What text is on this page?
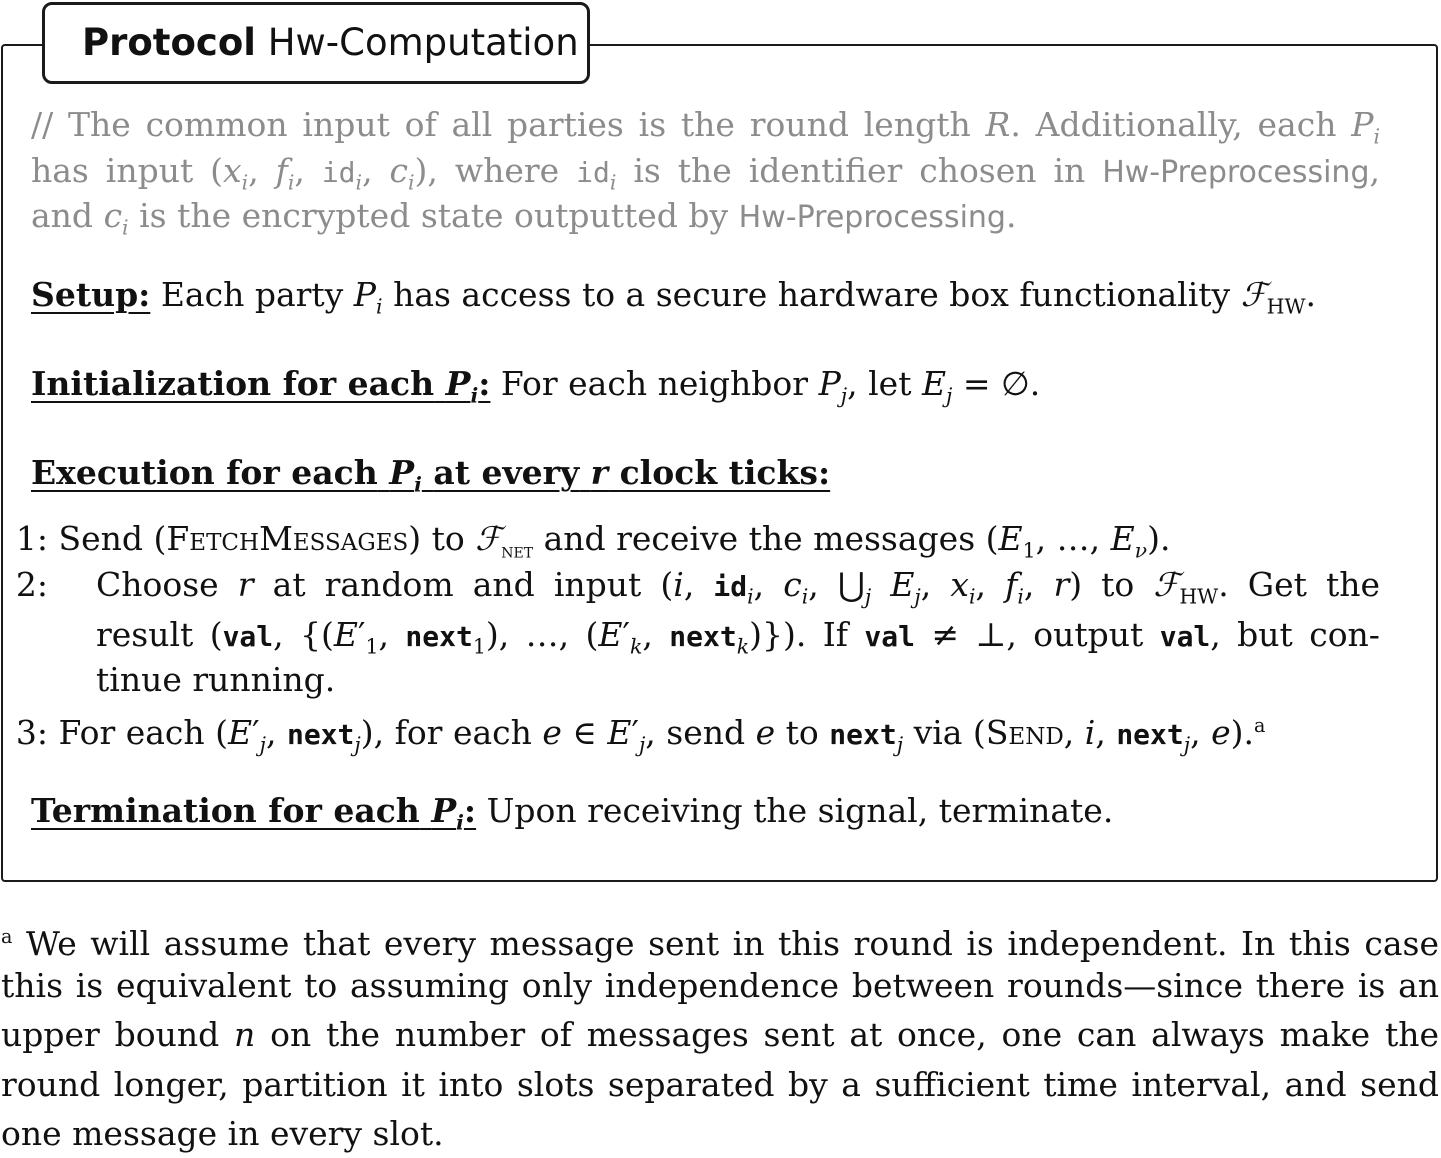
Protocol Hw-Computation
// The common input of all parties is the round length R. Additionally, each $P_i$
has input ($x_i$, $f_i$, $id_i$, $c_i$), where $id_i$ is the identifier chosen in Hw-Preprocessing,
and $c_i$ is the encrypted state outputted by Hw-Preprocessing.
Setup: Each party $P_i$ has access to a secure hardware box functionality ℱ$_{HW}$.
Initialization for each $P_i$: For each neighbor $P_j$, let $E_j$ = ∅.
Execution for each $P_i$ at every r clock ticks:
1: Send (FetchMessages) to ℱ$_{net}$ and receive the messages ($E_1$, …, $E_\nu$).
2: Choose r at random and input (i, $id_i$, $c_i$, $⋃_j$ $E_j$, $x_i$, $f_i$, r) to ℱ$_{HW}$. Get the
result (val, {($E'_1$, next$_1$), …, ($E'_k$, next$_k$)}). If val ≠ ⊥, output val, but con-
tinue running.
3: For each ($E'_j$, next$_j$), for each e ∈ $E'_j$, send e to next$_j$ via (Send, i, next$_j$, e).$^a$
Termination for each $P_i$: Upon receiving the signal, terminate.
$^a$ We will assume that every message sent in this round is independent. In this case
this is equivalent to assuming only independence between rounds—since there is an
upper bound n on the number of messages sent at once, one can always make the
round longer, partition it into slots separated by a sufficient time interval, and send
one message in every slot.
